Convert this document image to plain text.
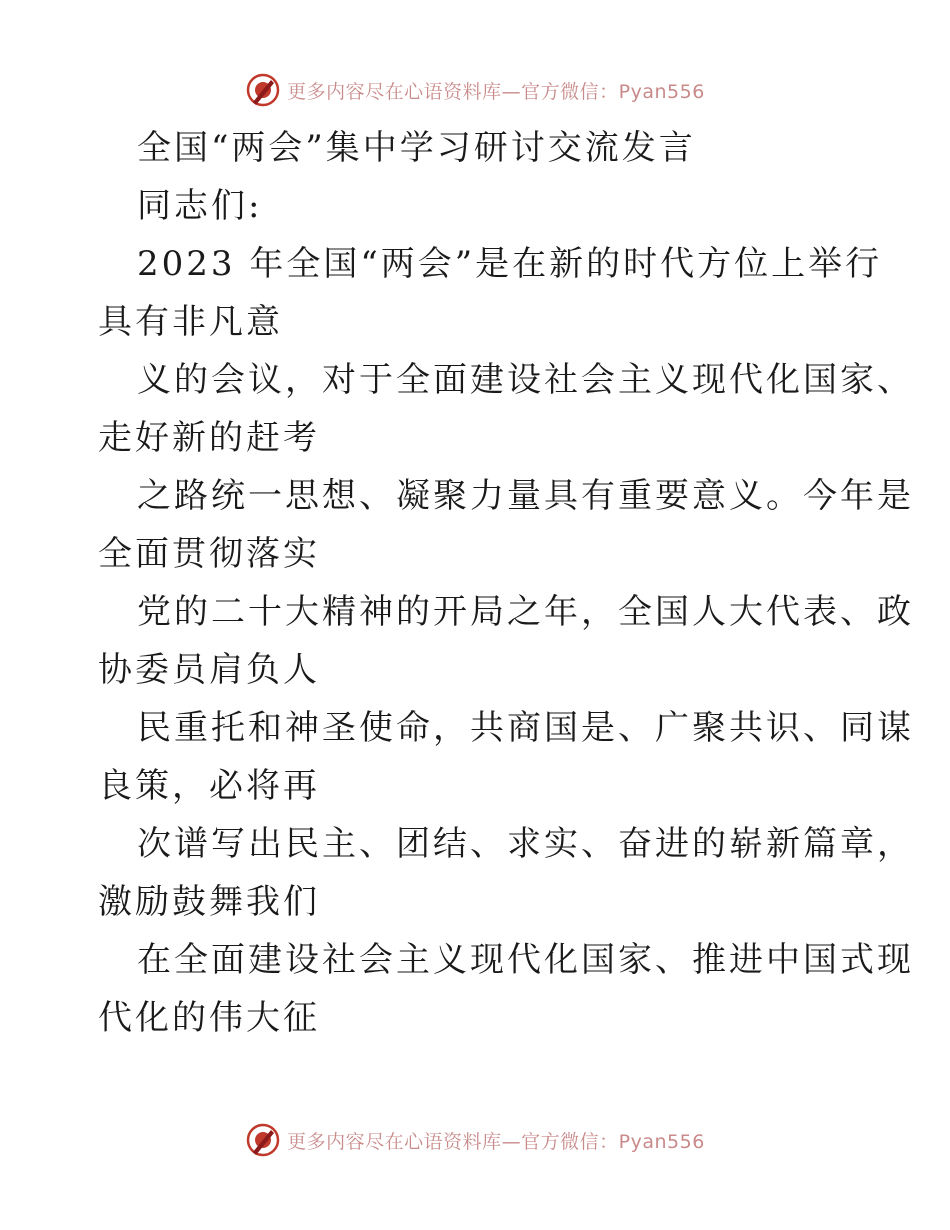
更多内容尽在心语资料库—官方微信：Pyan556
全国“两会”集中学习研讨交流发言
同志们:
2023 年全国“两会”是在新的时代方位上举行
具有非凡意
义的会议，对于全面建设社会主义现代化国家、
走好新的赶考
之路统一思想、凝聚力量具有重要意义。今年是
全面贯彻落实
党的二十大精神的开局之年，全国人大代表、政
协委员肩负人
民重托和神圣使命，共商国是、广聚共识、同谋
良策，必将再
次谱写出民主、团结、求实、奋进的崭新篇章，
激励鼓舞我们
在全面建设社会主义现代化国家、推进中国式现
代化的伟大征
更多内容尽在心语资料库—官方微信：Pyan556
